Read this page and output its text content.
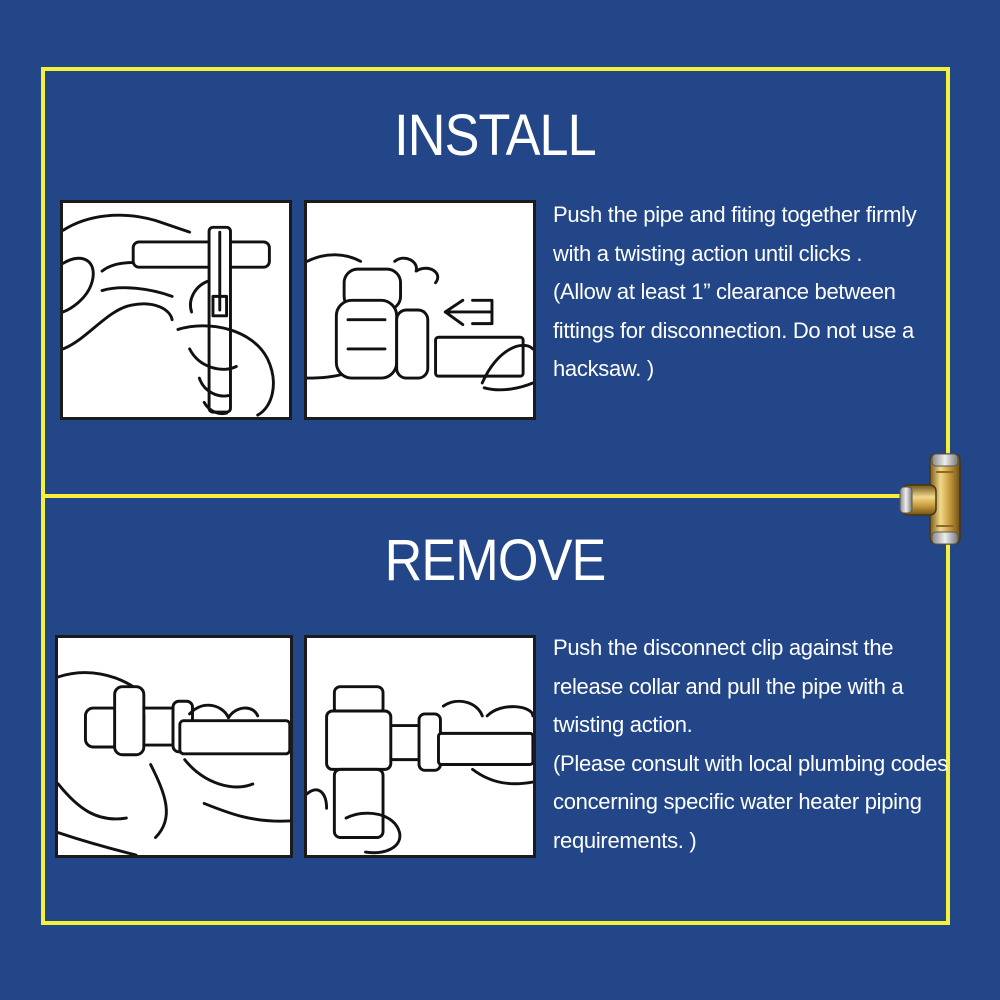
INSTALL

Push the pipe and fiting together firmly with a twisting action until clicks .

(Allow at least 1” clearance between fittings for disconnection. Do not use a hacksaw. )

REMOVE

Push the disconnect clip against the release collar and pull the pipe with a twisting action.

(Please consult with local plumbing codes concerning specific water heater piping requirements. )
